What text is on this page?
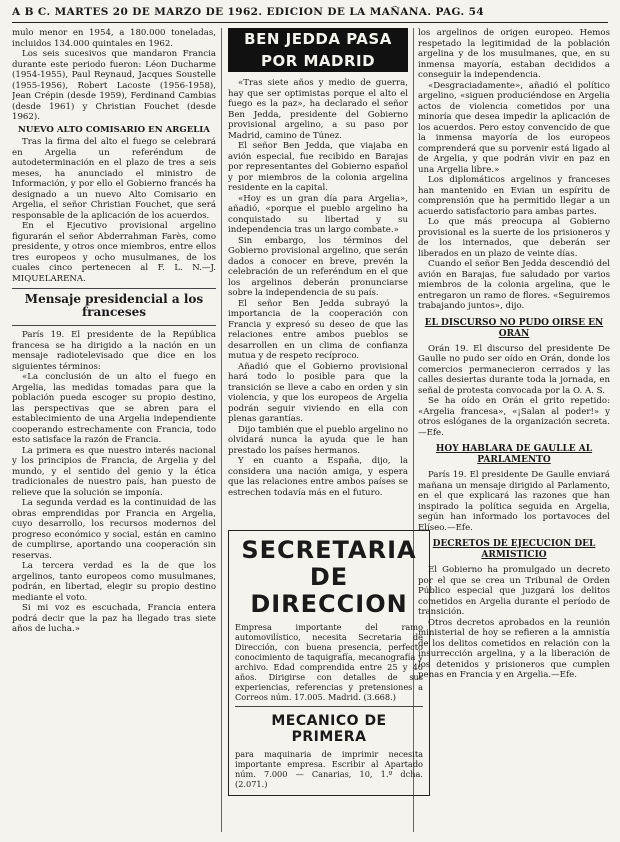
A B C. MARTES 20 DE MARZO DE 1962. EDICION DE LA MAÑANA. PAG. 54

mulo menor en 1954, a 180.000 toneladas, incluidos 134.000 quintales en 1962.

Los seis sucesivos que mandaron Francia durante este periodo fueron: Léon Ducharme (1954-1955), Paul Reynaud, Jacques Soustelle (1955-1956), Robert Lacoste (1956-1958), Jean Crépin (desde 1959), Ferdinand Cambias (desde 1961) y Christian Fouchet (desde 1962).

NUEVO ALTO COMISARIO EN ARGELIA

Tras la firma del alto el fuego se celebrará en Argelia un referéndum de autodeterminación en el plazo de tres a seis meses, ha anunciado el ministro de Información, y por ello el Gobierno francés ha designado a un nuevo Alto Comisario en Argelia, el señor Christian Fouchet, que será responsable de la aplicación de los acuerdos.

En el Ejecutivo provisional argelino figurarán el señor Abderrahman Farès, como presidente, y otros once miembros, entre ellos tres europeos y ocho musulmanes, de los cuales cinco pertenecen al F. L. N.—J. MIQUELARENA.

Mensaje presidencial a los franceses

París 19. El presidente de la República francesa se ha dirigido a la nación en un mensaje radiotelevisado que dice en los siguientes términos:

«La conclusión de un alto el fuego en Argelia, las medidas tomadas para que la población pueda escoger su propio destino, las perspectivas que se abren para el establecimiento de una Argelia independiente cooperando estrechamente con Francia, todo esto satisface la razón de Francia.

La primera es que nuestro interés nacional y los principios de Francia, de Argelia y del mundo, y el sentido del genio y la ética tradicionales de nuestro país, han puesto de relieve que la solución se imponía.

La segunda verdad es la continuidad de las obras emprendidas por Francia en Argelia, cuyo desarrollo, los recursos modernos del progreso económico y social, están en camino de cumplirse, aportando una cooperación sin reservas.

La tercera verdad es la de que los argelinos, tanto europeos como musulmanes, podrán, en libertad, elegir su propio destino mediante el voto.

Si mi voz es escuchada, Francia entera podrá decir que la paz ha llegado tras siete años de lucha.»

BEN JEDDA PASA POR MADRID

«Tras siete años y medio de guerra, hay que ser optimistas porque el alto el fuego es la paz», ha declarado el señor Ben Jedda, presidente del Gobierno provisional argelino, a su paso por Madrid, camino de Túnez.

El señor Ben Jedda, que viajaba en avión especial, fue recibido en Barajas por representantes del Gobierno español y por miembros de la colonia argelina residente en la capital.

«Hoy es un gran día para Argelia», añadió, «porque el pueblo argelino ha conquistado su libertad y su independencia tras un largo combate.»

Sin embargo, los términos del Gobierno provisional argelino, que serán dados a conocer en breve, prevén la celebración de un referéndum en el que los argelinos deberán pronunciarse sobre la independencia de su país.

El señor Ben Jedda subrayó la importancia de la cooperación con Francia y expresó su deseo de que las relaciones entre ambos pueblos se desarrollen en un clima de confianza mutua y de respeto recíproco.

Añadió que el Gobierno provisional hará todo lo posible para que la transición se lleve a cabo en orden y sin violencia, y que los europeos de Argelia podrán seguir viviendo en ella con plenas garantías.

Dijo también que el pueblo argelino no olvidará nunca la ayuda que le han prestado los países hermanos.

Y en cuanto a España, dijo, la considera una nación amiga, y espera que las relaciones entre ambos países se estrechen todavía más en el futuro.

SECRETARIA DE DIRECCION
Empresa importante del ramo automovilístico, necesita Secretaria de Dirección, con buena presencia, perfecto conocimiento de taquigrafía, mecanografía y archivo. Edad comprendida entre 25 y 40 años. Dirigirse con detalles de sus experiencias, referencias y pretensiones a Correos núm. 17.005. Madrid. (3.668.)
MECANICO DE PRIMERA
para maquinaria de imprimir necesita importante empresa. Escribir al Apartado núm. 7.000 — Canarias, 10, 1.º dcha. (2.071.)

los argelinos de origen europeo. Hemos respetado la legitimidad de la población argelina y de los musulmanes, que, en su inmensa mayoría, estaban decididos a conseguir la independencia.

«Desgraciadamente», añadió el político argelino, «siguen produciéndose en Argelia actos de violencia cometidos por una minoría que desea impedir la aplicación de los acuerdos. Pero estoy convencido de que la inmensa mayoría de los europeos comprenderá que su porvenir está ligado al de Argelia, y que podrán vivir en paz en una Argelia libre.»

Los diplomáticos argelinos y franceses han mantenido en Evian un espíritu de comprensión que ha permitido llegar a un acuerdo satisfactorio para ambas partes.

Lo que más preocupa al Gobierno provisional es la suerte de los prisioneros y de los internados, que deberán ser liberados en un plazo de veinte días.

Cuando el señor Ben Jedda descendió del avión en Barajas, fue saludado por varios miembros de la colonia argelina, que le entregaron un ramo de flores. «Seguiremos trabajando juntos», dijo.

EL DISCURSO NO PUDO OIRSE EN ORAN

Orán 19. El discurso del presidente De Gaulle no pudo ser oído en Orán, donde los comercios permanecieron cerrados y las calles desiertas durante toda la jornada, en señal de protesta convocada por la O. A. S.

Se ha oído en Orán el grito repetido: «Argelia francesa», «¡Salan al poder!» y otros eslóganes de la organización secreta.—Efe.

HOY HABLARA DE GAULLE AL PARLAMENTO

París 19. El presidente De Gaulle enviará mañana un mensaje dirigido al Parlamento, en el que explicará las razones que han inspirado la política seguida en Argelia, según han informado los portavoces del Elíseo.—Efe.

DECRETOS DE EJECUCION DEL ARMISTICIO

El Gobierno ha promulgado un decreto por el que se crea un Tribunal de Orden Público especial que juzgará los delitos cometidos en Argelia durante el período de transición.

Otros decretos aprobados en la reunión ministerial de hoy se refieren a la amnistía de los delitos cometidos en relación con la insurrección argelina, y a la liberación de los detenidos y prisioneros que cumplen penas en Francia y en Argelia.—Efe.
